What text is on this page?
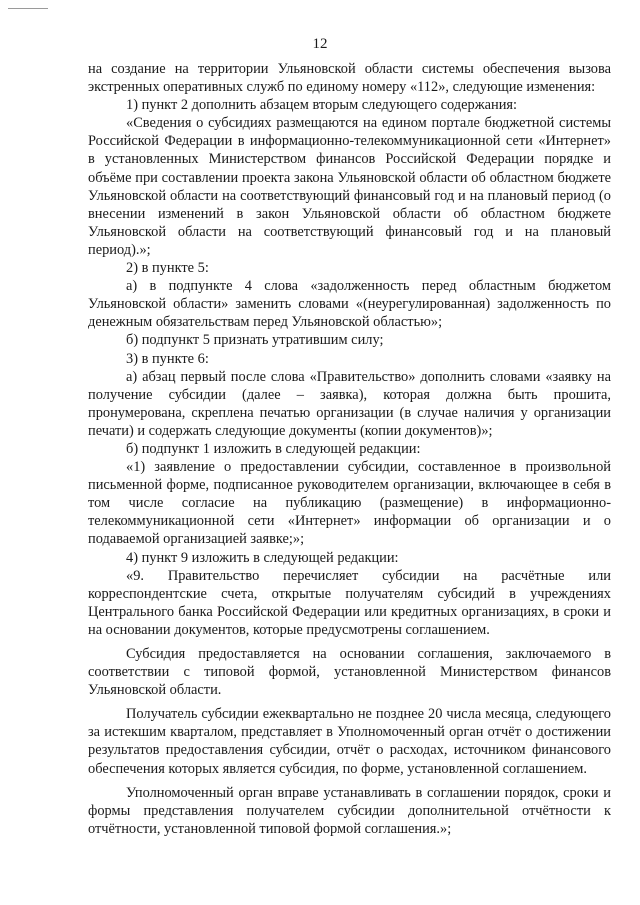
12

на создание на территории Ульяновской области системы обеспечения вызова экстренных оперативных служб по единому номеру «112», следующие изменения:

1) пункт 2 дополнить абзацем вторым следующего содержания:

«Сведения о субсидиях размещаются на едином портале бюджетной системы Российской Федерации в информационно-телекоммуникационной сети «Интернет» в установленных Министерством финансов Российской Федерации порядке и объёме при составлении проекта закона Ульяновской области об областном бюджете Ульяновской области на соответствующий финансовый год и на плановый период (о внесении изменений в закон Ульяновской области об областном бюджете Ульяновской области на соответствующий финансовый год и на плановый период).»;

2) в пункте 5:

а) в подпункте 4 слова «задолженность перед областным бюджетом Ульяновской области» заменить словами «(неурегулированная) задолженность по денежным обязательствам перед Ульяновской областью»;

б) подпункт 5 признать утратившим силу;

3) в пункте 6:

а) абзац первый после слова «Правительство» дополнить словами «заявку на получение субсидии (далее – заявка), которая должна быть прошита, пронумерована, скреплена печатью организации (в случае наличия у организации печати) и содержать следующие документы (копии документов)»;

б) подпункт 1 изложить в следующей редакции:

«1) заявление о предоставлении субсидии, составленное в произвольной письменной форме, подписанное руководителем организации, включающее в себя в том числе согласие на публикацию (размещение) в информационно-телекоммуникационной сети «Интернет» информации об организации и о подаваемой организацией заявке;»;

4) пункт 9 изложить в следующей редакции:

«9. Правительство перечисляет субсидии на расчётные или корреспондентские счета, открытые получателям субсидий в учреждениях Центрального банка Российской Федерации или кредитных организациях, в сроки и на основании документов, которые предусмотрены соглашением.

Субсидия предоставляется на основании соглашения, заключаемого в соответствии с типовой формой, установленной Министерством финансов Ульяновской области.

Получатель субсидии ежеквартально не позднее 20 числа месяца, следующего за истекшим кварталом, представляет в Уполномоченный орган отчёт о достижении результатов предоставления субсидии, отчёт о расходах, источником финансового обеспечения которых является субсидия, по форме, установленной соглашением.

Уполномоченный орган вправе устанавливать в соглашении порядок, сроки и формы представления получателем субсидии дополнительной отчётности к отчётности, установленной типовой формой соглашения.»;
